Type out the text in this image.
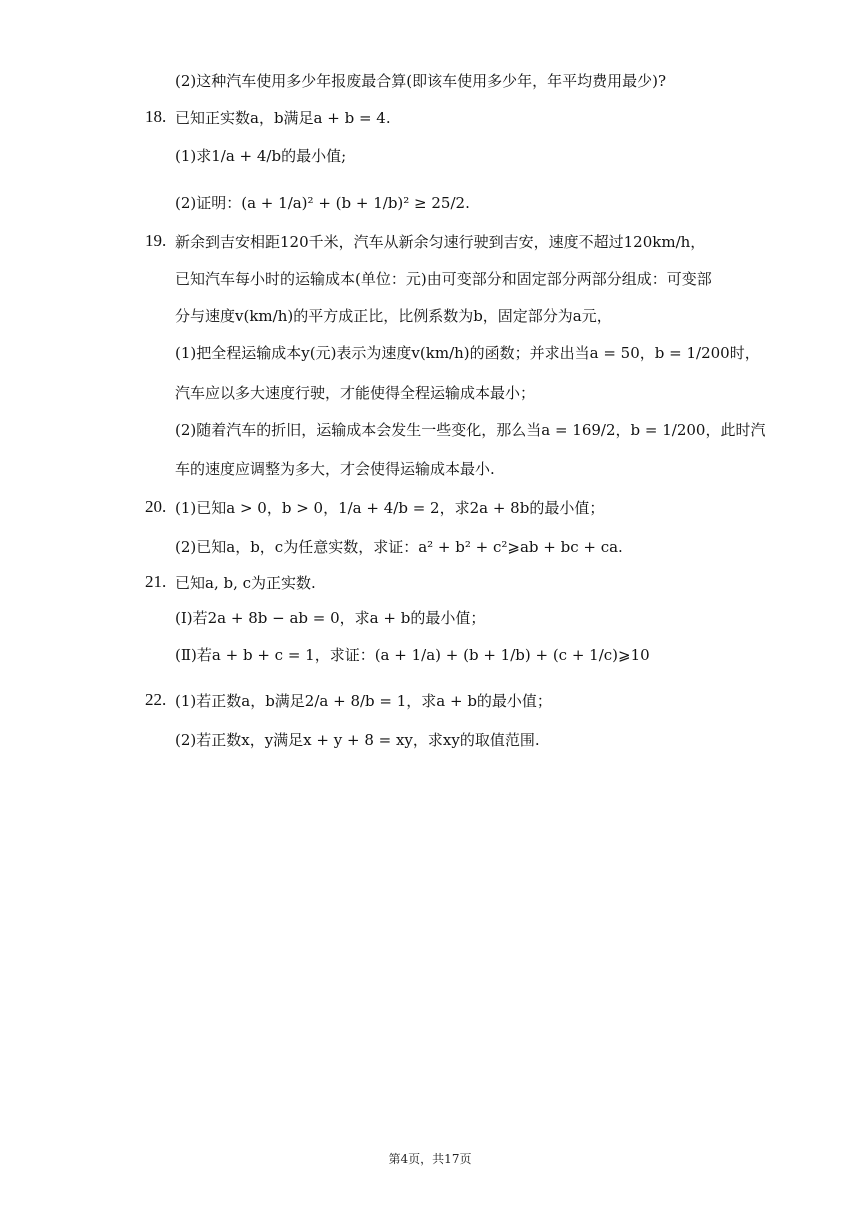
(2)这种汽车使用多少年报废最合算(即该车使用多少年，年平均费用最少)?
18. 已知正实数a，b满足a + b = 4.
(1)求1/a + 4/b的最小值;
(2)证明：(a + 1/a)² + (b + 1/b)² ≥ 25/2.
19. 新余到吉安相距120千米，汽车从新余匀速行驶到吉安，速度不超过120km/h，
已知汽车每小时的运输成本(单位：元)由可变部分和固定部分两部分组成：可变部
分与速度v(km/h)的平方成正比，比例系数为b，固定部分为a元，
(1)把全程运输成本y(元)表示为速度v(km/h)的函数；并求出当a = 50，b = 1/200时，
汽车应以多大速度行驶，才能使得全程运输成本最小；
(2)随着汽车的折旧，运输成本会发生一些变化，那么当a = 169/2，b = 1/200，此时汽
车的速度应调整为多大，才会使得运输成本最小.
20. (1)已知a > 0，b > 0，1/a + 4/b = 2，求2a + 8b的最小值；
(2)已知a，b，c为任意实数，求证：a² + b² + c²⩾ab + bc + ca.
21. 已知a, b, c为正实数.
(Ⅰ)若2a + 8b − ab = 0，求a + b的最小值；
(Ⅱ)若a + b + c = 1，求证：(a + 1/a) + (b + 1/b) + (c + 1/c)⩾10
22. (1)若正数a，b满足2/a + 8/b = 1，求a + b的最小值；
(2)若正数x，y满足x + y + 8 = xy，求xy的取值范围.
第4页，共17页
